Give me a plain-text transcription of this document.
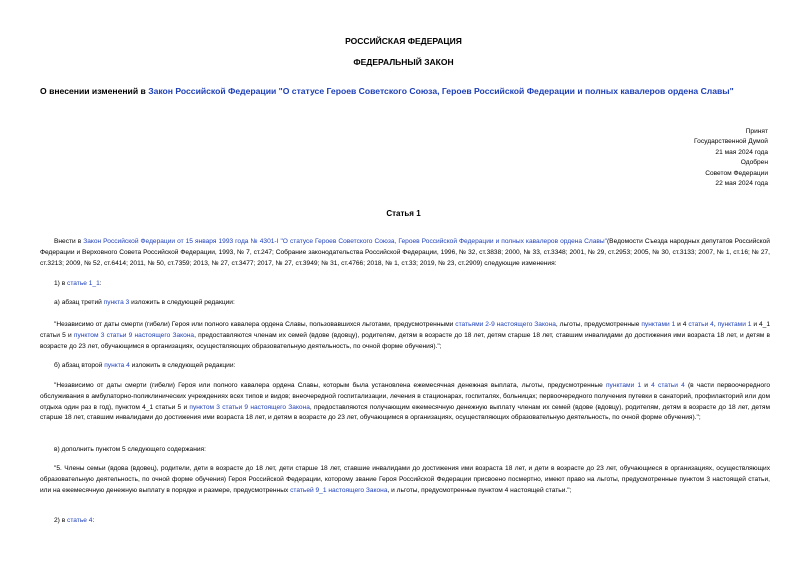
РОССИЙСКАЯ ФЕДЕРАЦИЯ
ФЕДЕРАЛЬНЫЙ ЗАКОН
О внесении изменений в Закон Российской Федерации "О статусе Героев Советского Союза, Героев Российской Федерации и полных кавалеров ордена Славы"
Принят
Государственной Думой
21 мая 2024 года
Одобрен
Советом Федерации
22 мая 2024 года
Статья 1
Внести в Закон Российской Федерации от 15 января 1993 года № 4301-I "О статусе Героев Советского Союза, Героев Российской Федерации и полных кавалеров ордена Славы"(Ведомости Съезда народных депутатов Российской Федерации и Верховного Совета Российской Федерации, 1993, № 7, ст.247; Собрание законодательства Российской Федерации, 1996, № 32, ст.3838; 2000, № 33, ст.3348; 2001, № 29, ст.2953; 2005, № 30, ст.3133; 2007, № 1, ст.16; № 27, ст.3213; 2009, № 52, ст.6414; 2011, № 50, ст.7359; 2013, № 27, ст.3477; 2017, № 27, ст.3949; № 31, ст.4766; 2018, № 1, ст.33; 2019, № 23, ст.2909) следующие изменения:
1) в статье 1_1:
а) абзац третий пункта 3 изложить в следующей редакции:
"Независимо от даты смерти (гибели) Героя или полного кавалера ордена Славы, пользовавшихся льготами, предусмотренными статьями 2-9 настоящего Закона, льготы, предусмотренные пунктами 1 и 4 статьи 4, пунктами 1 и 4_1 статьи 5 и пунктом 3 статьи 9 настоящего Закона, предоставляются членам их семей (вдове (вдовцу), родителям, детям в возрасте до 18 лет, детям старше 18 лет, ставшим инвалидами до достижения ими возраста 18 лет, и детям в возрасте до 23 лет, обучающимся в организациях, осуществляющих образовательную деятельность, по очной форме обучения).";
б) абзац второй пункта 4 изложить в следующей редакции:
"Независимо от даты смерти (гибели) Героя или полного кавалера ордена Славы, которым была установлена ежемесячная денежная выплата, льготы, предусмотренные пунктами 1 и 4 статьи 4 (в части первоочередного обслуживания в амбулаторно-поликлинических учреждениях всех типов и видов; внеочередной госпитализации, лечения в стационарах, госпиталях, больницах; первоочередного получения путевки в санаторий, профилакторий или дом отдыха один раз в год), пунктом 4_1 статьи 5 и пунктом 3 статьи 9 настоящего Закона, предоставляются получающим ежемесячную денежную выплату членам их семей (вдове (вдовцу), родителям, детям в возрасте до 18 лет, детям старше 18 лет, ставшим инвалидами до достижения ими возраста 18 лет, и детям в возрасте до 23 лет, обучающимся в организациях, осуществляющих образовательную деятельность, по очной форме обучения).";
в) дополнить пунктом 5 следующего содержания:
"5. Члены семьи (вдова (вдовец), родители, дети в возрасте до 18 лет, дети старше 18 лет, ставшие инвалидами до достижения ими возраста 18 лет, и дети в возрасте до 23 лет, обучающиеся в организациях, осуществляющих образовательную деятельность, по очной форме обучения) Героя Российской Федерации, которому звание Героя Российской Федерации присвоено посмертно, имеют право на льготы, предусмотренные пунктом 3 настоящей статьи, или на ежемесячную денежную выплату в порядке и размере, предусмотренных статьей 9_1 настоящего Закона, и льготы, предусмотренные пунктом 4 настоящей статьи.";
2) в статье 4:
